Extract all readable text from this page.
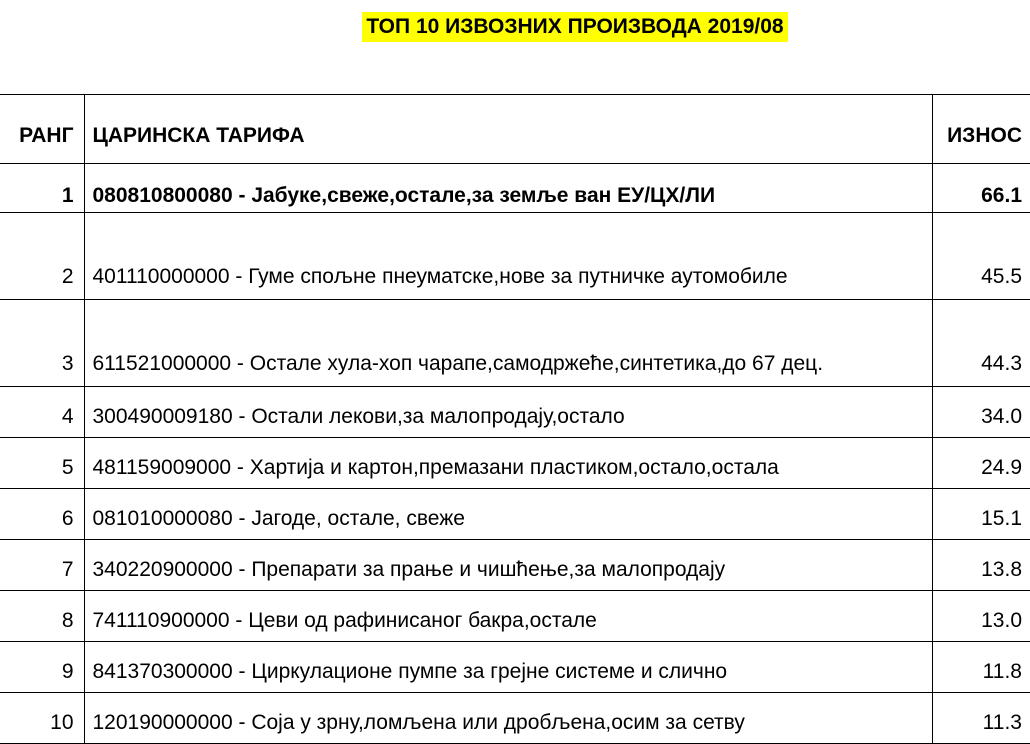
ТОП 10 ИЗВОЗНИХ ПРОИЗВОДА 2019/08
РАНГ	ЦАРИНСКА ТАРИФА	ИЗНОС
1	080810800080 - Јабуке,свеже,остале,за земље ван ЕУ/ЦХ/ЛИ	66.1
2	401110000000 - Гуме спољне пнеуматске,нове за путничке аутомобиле	45.5
3	611521000000 - Остале хула-хоп чарапе,самодржеће,синтетика,до 67 дец.	44.3
4	300490009180 - Остали лекови,за малопродају,остало	34.0
5	481159009000 - Хартија и картон,премазани пластиком,остало,остала	24.9
6	081010000080 - Јагоде, остале, свеже	15.1
7	340220900000 - Препарати за прање и чишћење,за малопродају	13.8
8	741110900000 - Цеви од рафинисаног бакра,остале	13.0
9	841370300000 - Циркулационе пумпе за грејне системе и слично	11.8
10	120190000000 - Соја у зрну,ломљена или дробљена,осим за сетву	11.3
